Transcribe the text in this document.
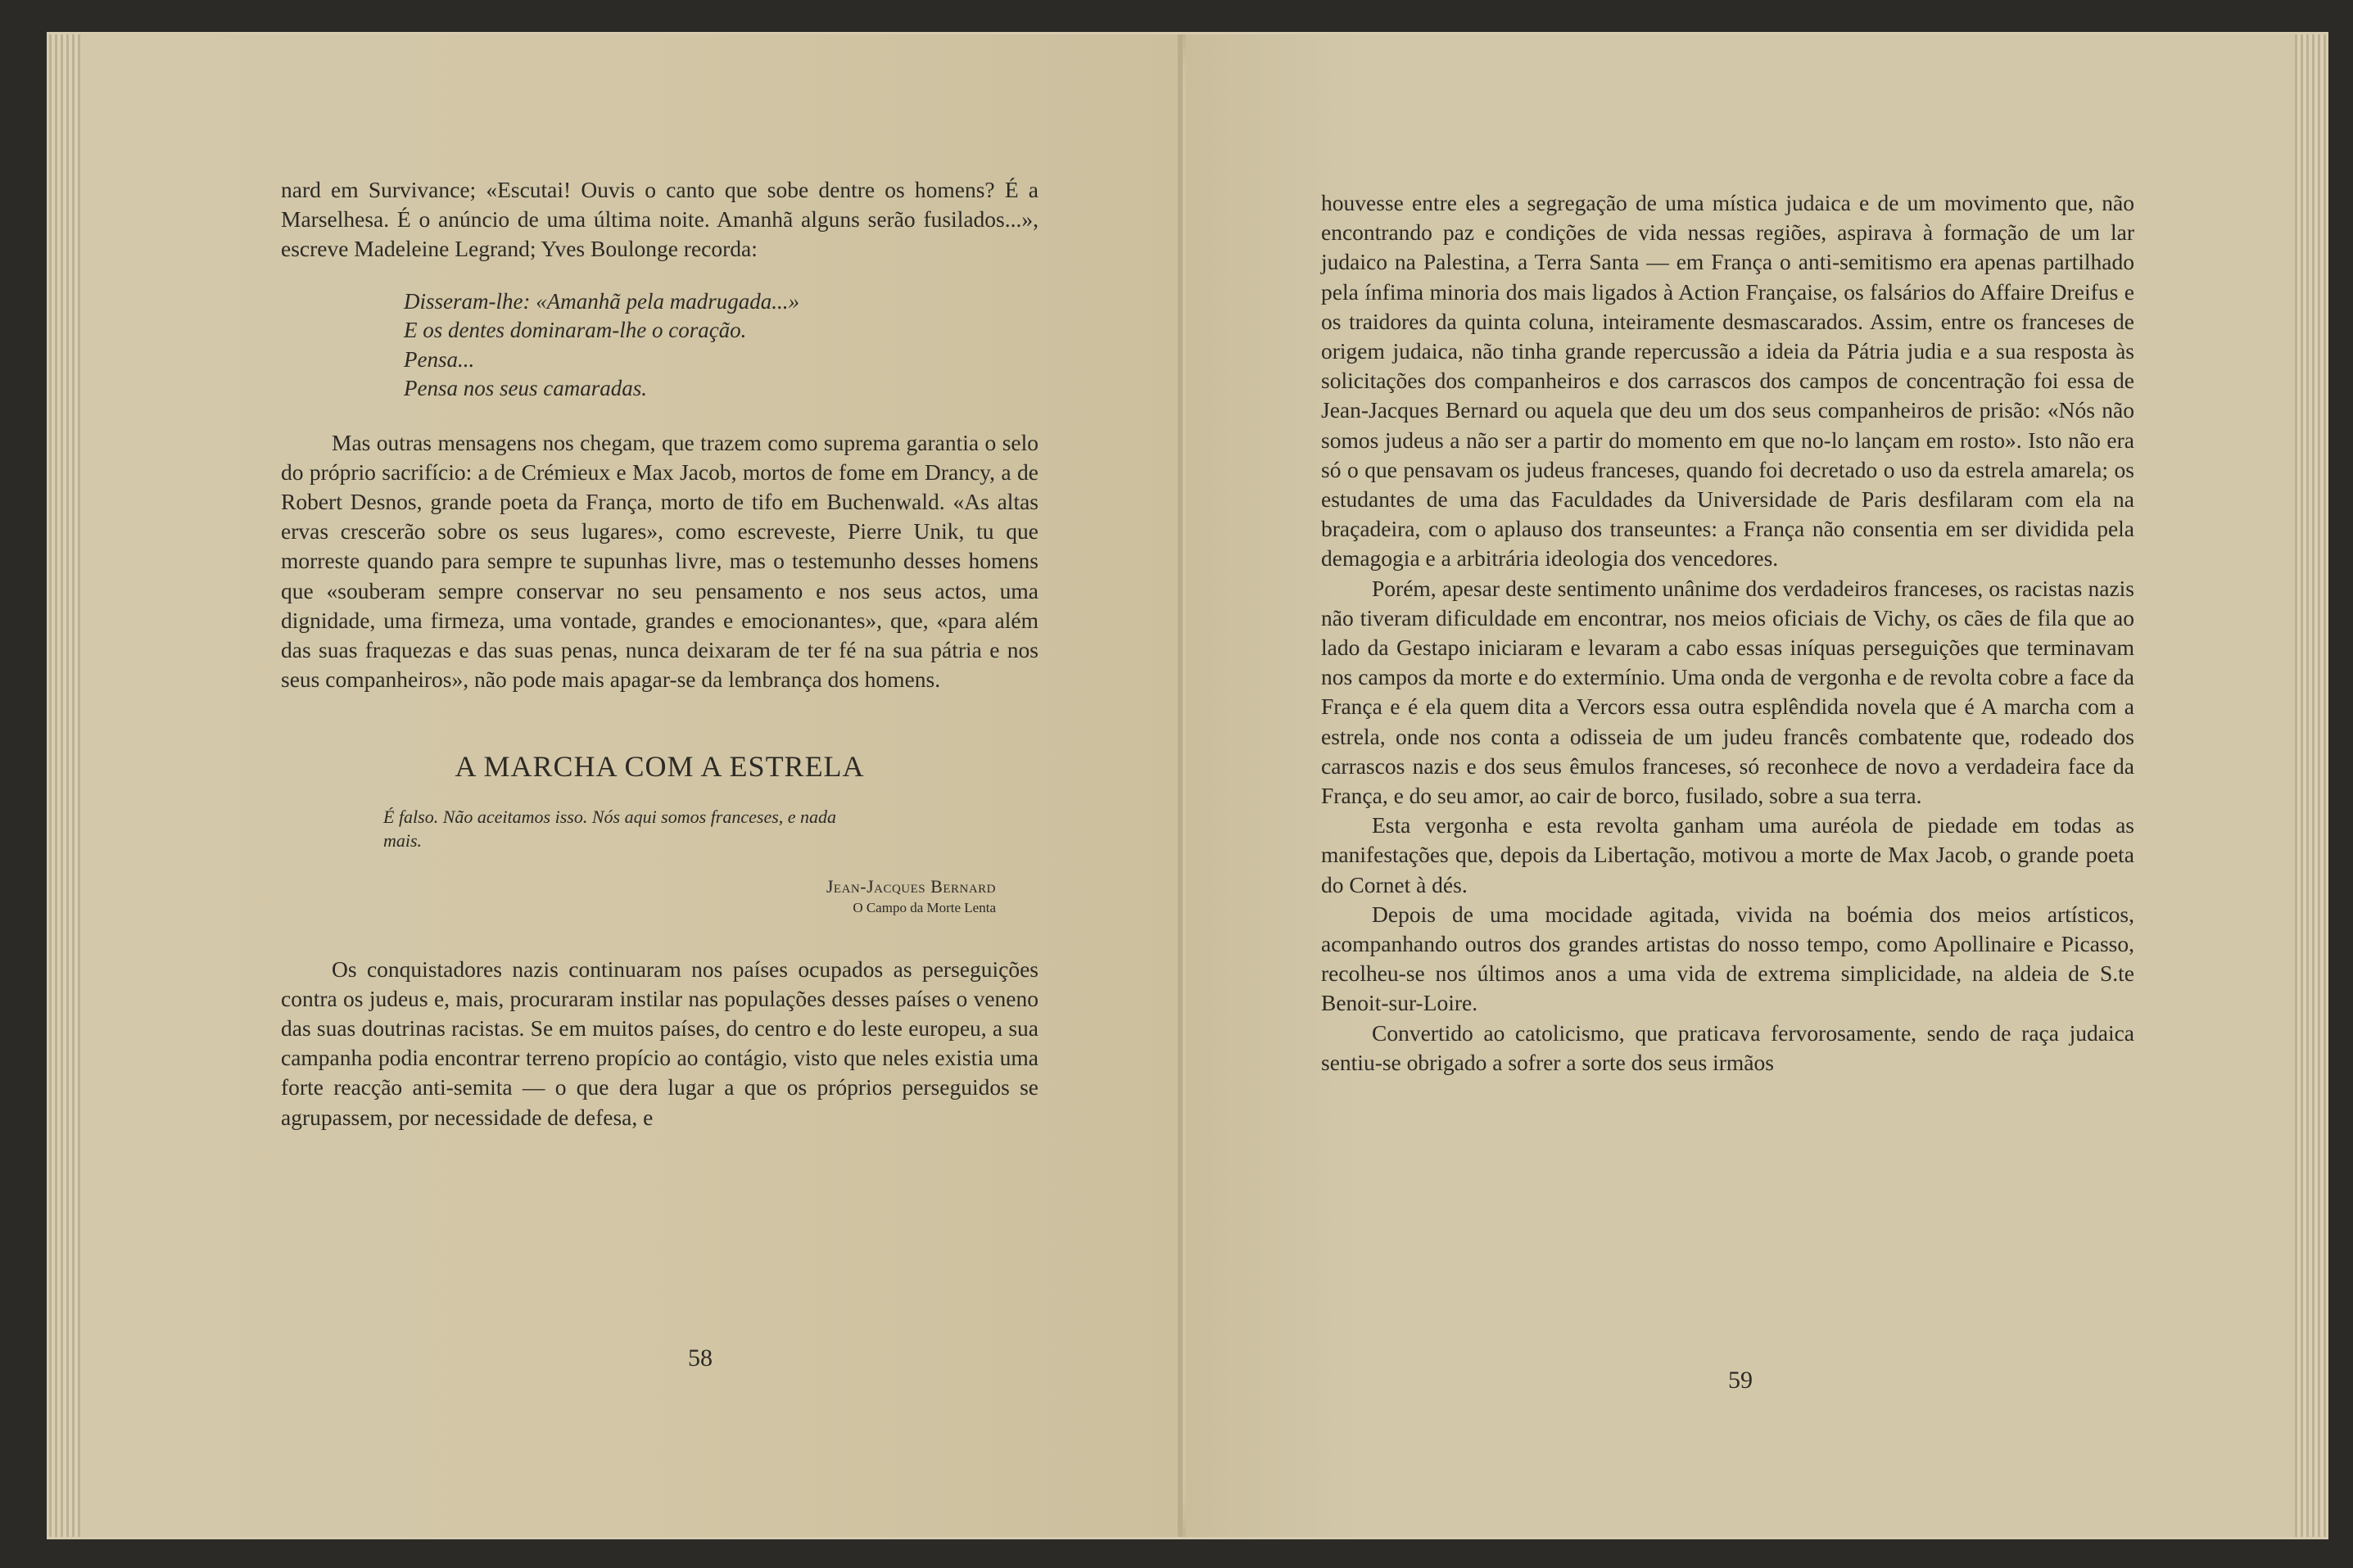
nard em Survivance; «Escutai! Ouvis o canto que sobe dentre os homens? É a Marselhesa. É o anúncio de uma última noite. Amanhã alguns serão fusilados...», escreve Madeleine Legrand; Yves Boulonge recorda:

Disseram-lhe: «Amanhã pela madrugada...»
E os dentes dominaram-lhe o coração.
Pensa...
Pensa nos seus camaradas.

Mas outras mensagens nos chegam, que trazem como suprema garantia o selo do próprio sacrifício: a de Crémieux e Max Jacob, mortos de fome em Drancy, a de Robert Desnos, grande poeta da França, morto de tifo em Buchenwald. «As altas ervas crescerão sobre os seus lugares», como escreveste, Pierre Unik, tu que morreste quando para sempre te supunhas livre, mas o testemunho desses homens que «souberam sempre conservar no seu pensamento e nos seus actos, uma dignidade, uma firmeza, uma vontade, grandes e emocionantes», que, «para além das suas fraquezas e das suas penas, nunca deixaram de ter fé na sua pátria e nos seus companheiros», não pode mais apagar-se da lembrança dos homens.

A MARCHA COM A ESTRELA
É falso. Não aceitamos isso. Nós aqui somos franceses, e nada mais.
Jean-Jacques Bernard
O Campo da Morte Lenta

Os conquistadores nazis continuaram nos países ocupados as perseguições contra os judeus e, mais, procuraram instilar nas populações desses países o veneno das suas doutrinas racistas. Se em muitos países, do centro e do leste europeu, a sua campanha podia encontrar terreno propício ao contágio, visto que neles existia uma forte reacção anti-semita — o que dera lugar a que os próprios perseguidos se agrupassem, por necessidade de defesa, e

58

houvesse entre eles a segregação de uma mística judaica e de um movimento que, não encontrando paz e condições de vida nessas regiões, aspirava à formação de um lar judaico na Palestina, a Terra Santa — em França o anti-semitismo era apenas partilhado pela ínfima minoria dos mais ligados à Action Française, os falsários do Affaire Dreifus e os traidores da quinta coluna, inteiramente desmascarados. Assim, entre os franceses de origem judaica, não tinha grande repercussão a ideia da Pátria judia e a sua resposta às solicitações dos companheiros e dos carrascos dos campos de concentração foi essa de Jean-Jacques Bernard ou aquela que deu um dos seus companheiros de prisão: «Nós não somos judeus a não ser a partir do momento em que no-lo lançam em rosto». Isto não era só o que pensavam os judeus franceses, quando foi decretado o uso da estrela amarela; os estudantes de uma das Faculdades da Universidade de Paris desfilaram com ela na braçadeira, com o aplauso dos transeuntes: a França não consentia em ser dividida pela demagogia e a arbitrária ideologia dos vencedores.

Porém, apesar deste sentimento unânime dos verdadeiros franceses, os racistas nazis não tiveram dificuldade em encontrar, nos meios oficiais de Vichy, os cães de fila que ao lado da Gestapo iniciaram e levaram a cabo essas iníquas perseguições que terminavam nos campos da morte e do extermínio. Uma onda de vergonha e de revolta cobre a face da França e é ela quem dita a Vercors essa outra esplêndida novela que é A marcha com a estrela, onde nos conta a odisseia de um judeu francês combatente que, rodeado dos carrascos nazis e dos seus êmulos franceses, só reconhece de novo a verdadeira face da França, e do seu amor, ao cair de borco, fusilado, sobre a sua terra.

Esta vergonha e esta revolta ganham uma auréola de piedade em todas as manifestações que, depois da Libertação, motivou a morte de Max Jacob, o grande poeta do Cornet à dés.

Depois de uma mocidade agitada, vivida na boémia dos meios artísticos, acompanhando outros dos grandes artistas do nosso tempo, como Apollinaire e Picasso, recolheu-se nos últimos anos a uma vida de extrema simplicidade, na aldeia de S.te Benoit-sur-Loire.

Convertido ao catolicismo, que praticava fervorosamente, sendo de raça judaica sentiu-se obrigado a sofrer a sorte dos seus irmãos

59
